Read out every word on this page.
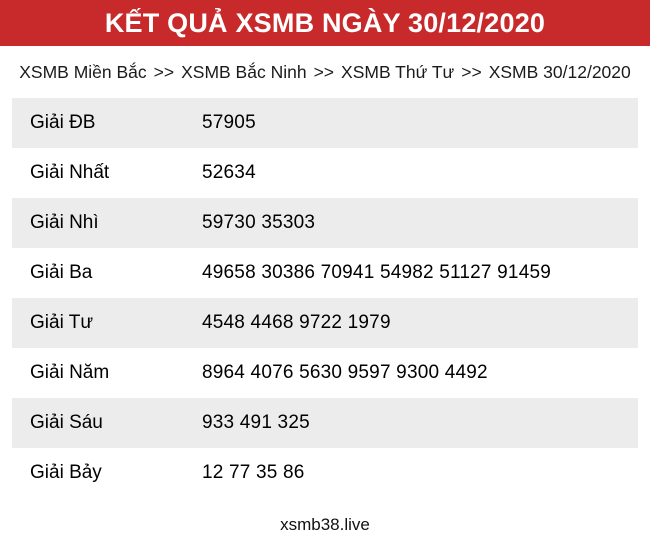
KẾT QUẢ XSMB NGÀY 30/12/2020
XSMB Miền Bắc >> XSMB Bắc Ninh >> XSMB Thứ Tư >> XSMB 30/12/2020
Giải ĐB	57905
Giải Nhất	52634
Giải Nhì	59730 35303
Giải Ba	49658 30386 70941 54982 51127 91459
Giải Tư	4548 4468 9722 1979
Giải Năm	8964 4076 5630 9597 9300 4492
Giải Sáu	933 491 325
Giải Bảy	12 77 35 86
xsmb38.live
